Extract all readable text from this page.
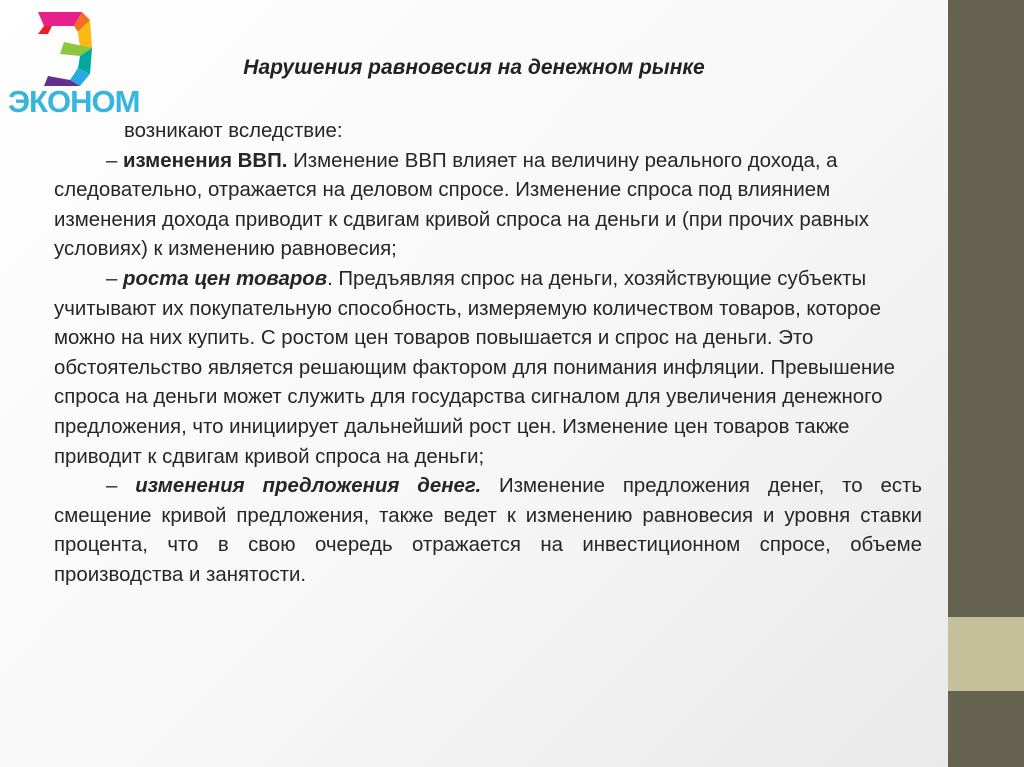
ЭКОНОМ
Нарушения равновесия на денежном рынке

возникают вследствие:

– изменения ВВП. Изменение ВВП влияет на величину реального дохода, а следовательно, отражается на деловом спросе. Изменение спроса под влиянием изменения дохода приводит к сдвигам кривой спроса на деньги и (при прочих равных условиях) к изменению равновесия;

– роста цен товаров. Предъявляя спрос на деньги, хозяйствующие субъекты учитывают их покупательную способность, измеряемую количеством товаров, которое можно на них купить. С ростом цен товаров повышается и спрос на деньги. Это обстоятельство является решающим фактором для понимания инфляции. Превышение спроса на деньги может служить для государства сигналом для увеличения денежного предложения, что инициирует дальнейший рост цен. Изменение цен товаров также приводит к сдвигам кривой спроса на деньги;

– изменения предложения денег. Изменение предложения денег, то есть смещение кривой предложения, также ведет к изменению равновесия и уровня ставки процента, что в свою очередь отражается на инвестиционном спросе, объеме производства и занятости.
